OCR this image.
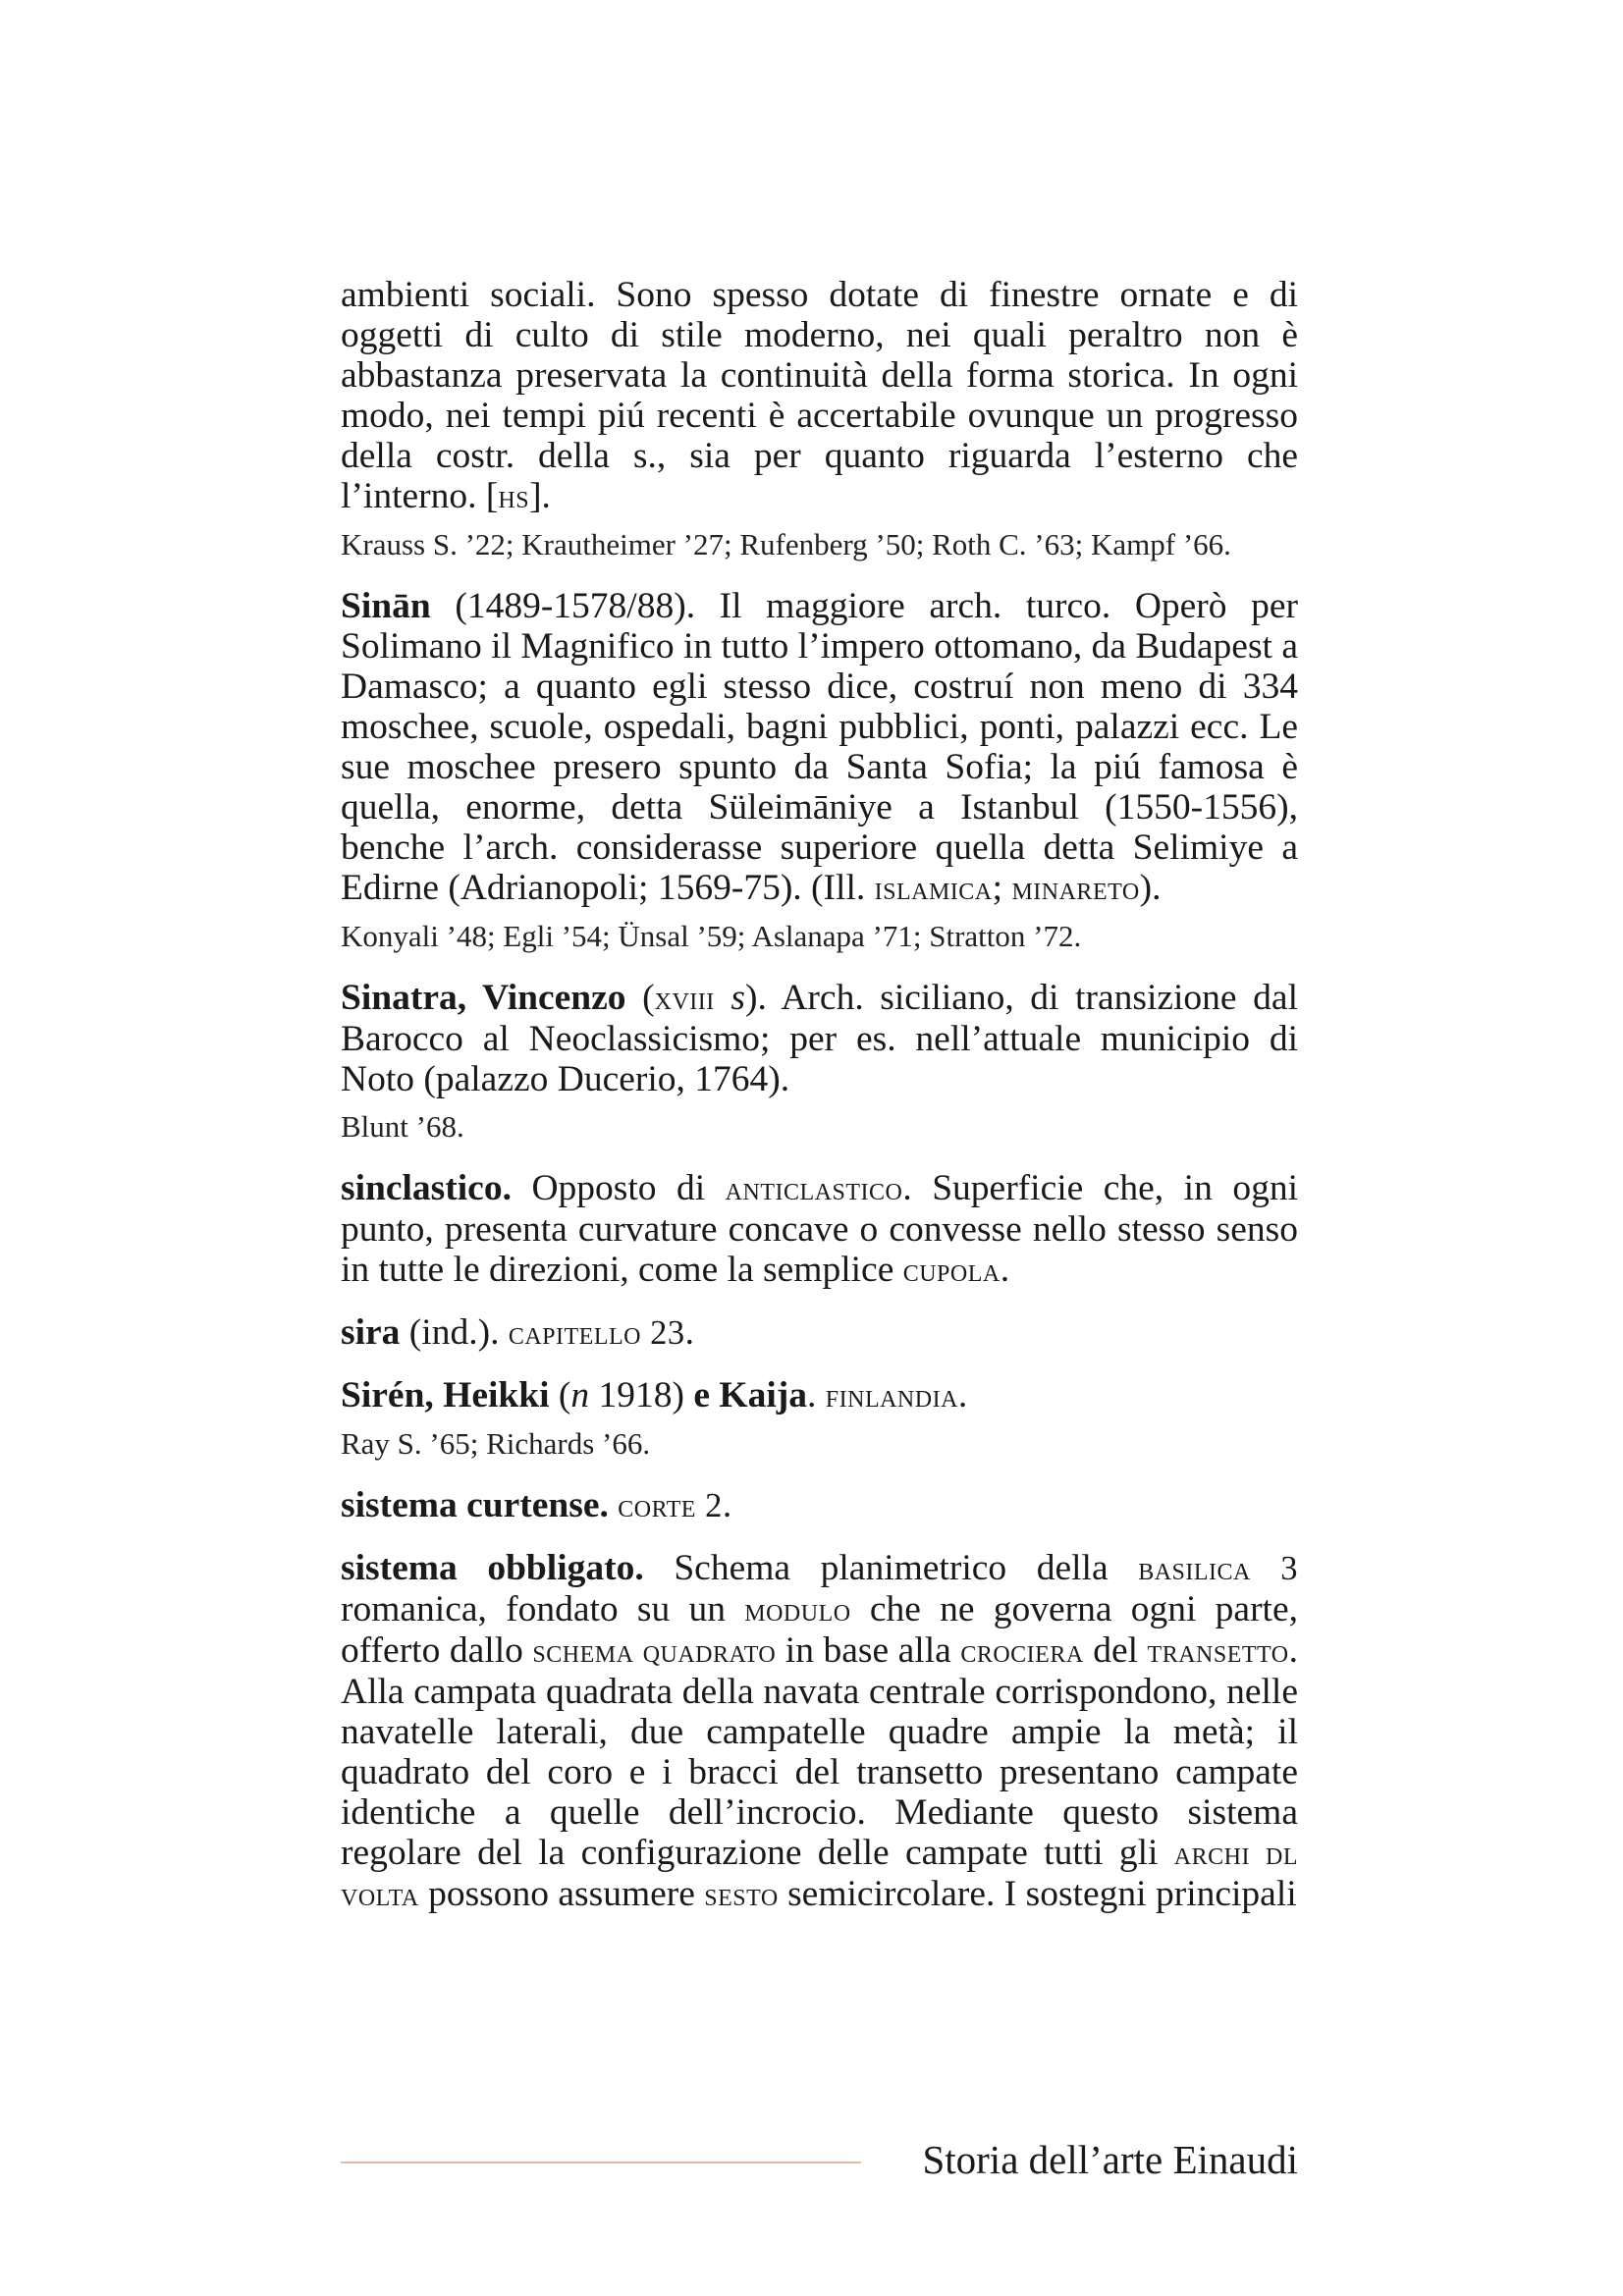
ambienti sociali. Sono spesso dotate di finestre ornate e di oggetti di culto di stile moderno, nei quali peraltro non è abbastanza preservata la continuità della forma storica. In ogni modo, nei tempi piú recenti è accertabile ovunque un progresso della costr. della s., sia per quanto riguarda l’esterno che l’interno. [hs].

Krauss S. ’22; Krautheimer ’27; Rufenberg ’50; Roth C. ’63; Kampf ’66.

Sinān (1489-1578/88). Il maggiore arch. turco. Operò per Solimano il Magnifico in tutto l’impero ottomano, da Budapest a Damasco; a quanto egli stesso dice, costruí non meno di 334 moschee, scuole, ospedali, bagni pubblici, ponti, palazzi ecc. Le sue moschee presero spunto da Santa Sofia; la piú famosa è quella, enorme, detta Süleimāniye a Istanbul (1550-1556), benche l’arch. considerasse superiore quella detta Selimiye a Edirne (Adrianopoli; 1569-75). (Ill. islamica; minareto).

Konyali ’48; Egli ’54; Ünsal ’59; Aslanapa ’71; Stratton ’72.

Sinatra, Vincenzo (xviii s). Arch. siciliano, di transizione dal Barocco al Neoclassicismo; per es. nell’attuale municipio di Noto (palazzo Ducerio, 1764).

Blunt ’68.

sinclastico. Opposto di anticlastico. Superficie che, in ogni punto, presenta curvature concave o convesse nello stesso senso in tutte le direzioni, come la semplice cupola.

sira (ind.). capitello 23.

Sirén, Heikki (n 1918) e Kaija. finlandia.

Ray S. ’65; Richards ’66.

sistema curtense. corte 2.

sistema obbligato. Schema planimetrico della basilica 3 romanica, fondato su un modulo che ne governa ogni parte, offerto dallo schema quadrato in base alla crociera del transetto. Alla campata quadrata della navata centrale corrispondono, nelle navatelle laterali, due campatelle quadre ampie la metà; il quadrato del coro e i bracci del transetto presentano campate identiche a quelle dell’incrocio. Mediante questo sistema regolare del la configurazione delle campate tutti gli archi dl volta possono assumere sesto semicircolare. I sostegni principali

Storia dell’arte Einaudi
